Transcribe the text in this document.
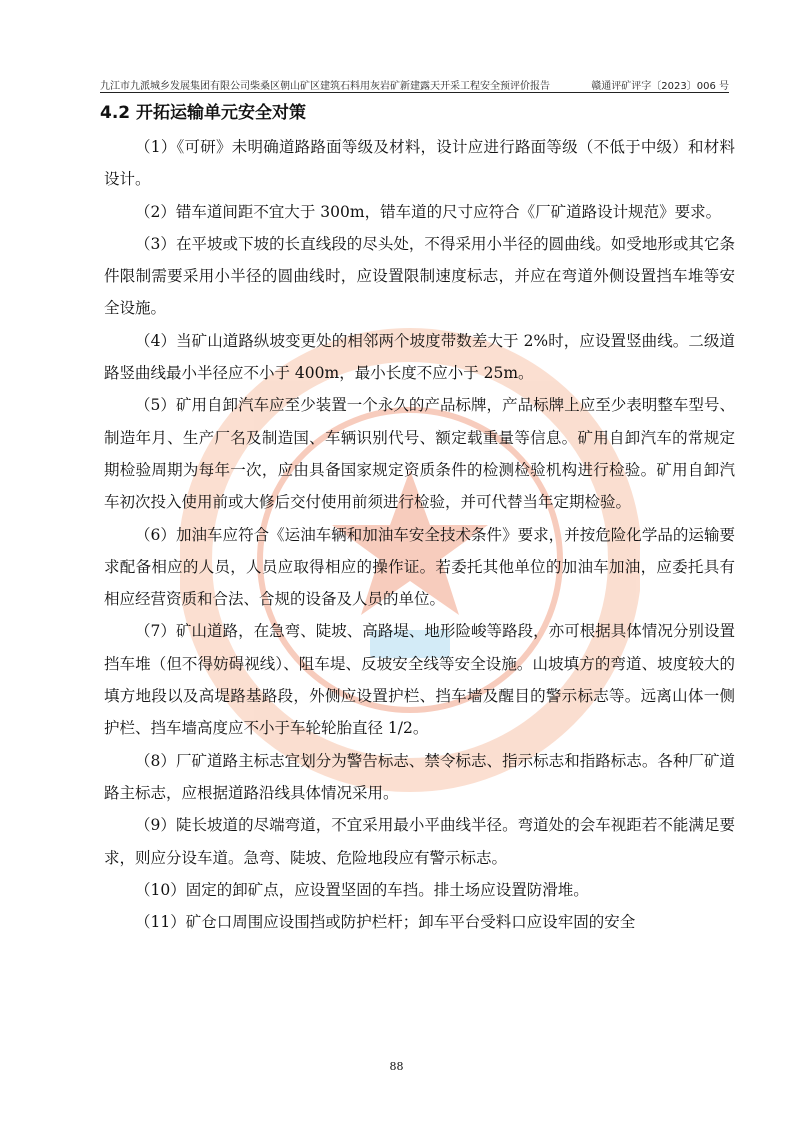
九江市九派城乡发展集团有限公司柴桑区朝山矿区建筑石料用灰岩矿新建露天开采工程安全预评价报告	赣通评矿评字〔2023〕006 号
4.2 开拓运输单元安全对策

（1）《可研》未明确道路路面等级及材料，设计应进行路面等级（不低于中级）和材料设计。

（2）错车道间距不宜大于 300m，错车道的尺寸应符合《厂矿道路设计规范》要求。

（3）在平坡或下坡的长直线段的尽头处，不得采用小半径的圆曲线。如受地形或其它条件限制需要采用小半径的圆曲线时，应设置限制速度标志，并应在弯道外侧设置挡车堆等安全设施。

（4）当矿山道路纵坡变更处的相邻两个坡度带数差大于 2%时，应设置竖曲线。二级道路竖曲线最小半径应不小于 400m，最小长度不应小于 25m。

（5）矿用自卸汽车应至少装置一个永久的产品标牌，产品标牌上应至少表明整车型号、制造年月、生产厂名及制造国、车辆识别代号、额定载重量等信息。矿用自卸汽车的常规定期检验周期为每年一次，应由具备国家规定资质条件的检测检验机构进行检验。矿用自卸汽车初次投入使用前或大修后交付使用前须进行检验，并可代替当年定期检验。

（6）加油车应符合《运油车辆和加油车安全技术条件》要求，并按危险化学品的运输要求配备相应的人员，人员应取得相应的操作证。若委托其他单位的加油车加油，应委托具有相应经营资质和合法、合规的设备及人员的单位。

（7）矿山道路，在急弯、陡坡、高路堤、地形险峻等路段，亦可根据具体情况分别设置挡车堆（但不得妨碍视线）、阻车堤、反坡安全线等安全设施。山坡填方的弯道、坡度较大的填方地段以及高堤路基路段，外侧应设置护栏、挡车墙及醒目的警示标志等。远离山体一侧护栏、挡车墙高度应不小于车轮轮胎直径 1/2。

（8）厂矿道路主标志宜划分为警告标志、禁令标志、指示标志和指路标志。各种厂矿道路主标志，应根据道路沿线具体情况采用。

（9）陡长坡道的尽端弯道，不宜采用最小平曲线半径。弯道处的会车视距若不能满足要求，则应分设车道。急弯、陡坡、危险地段应有警示标志。

（10）固定的卸矿点，应设置坚固的车挡。排土场应设置防滑堆。

（11）矿仓口周围应设围挡或防护栏杆；卸车平台受料口应设牢固的安全

88
